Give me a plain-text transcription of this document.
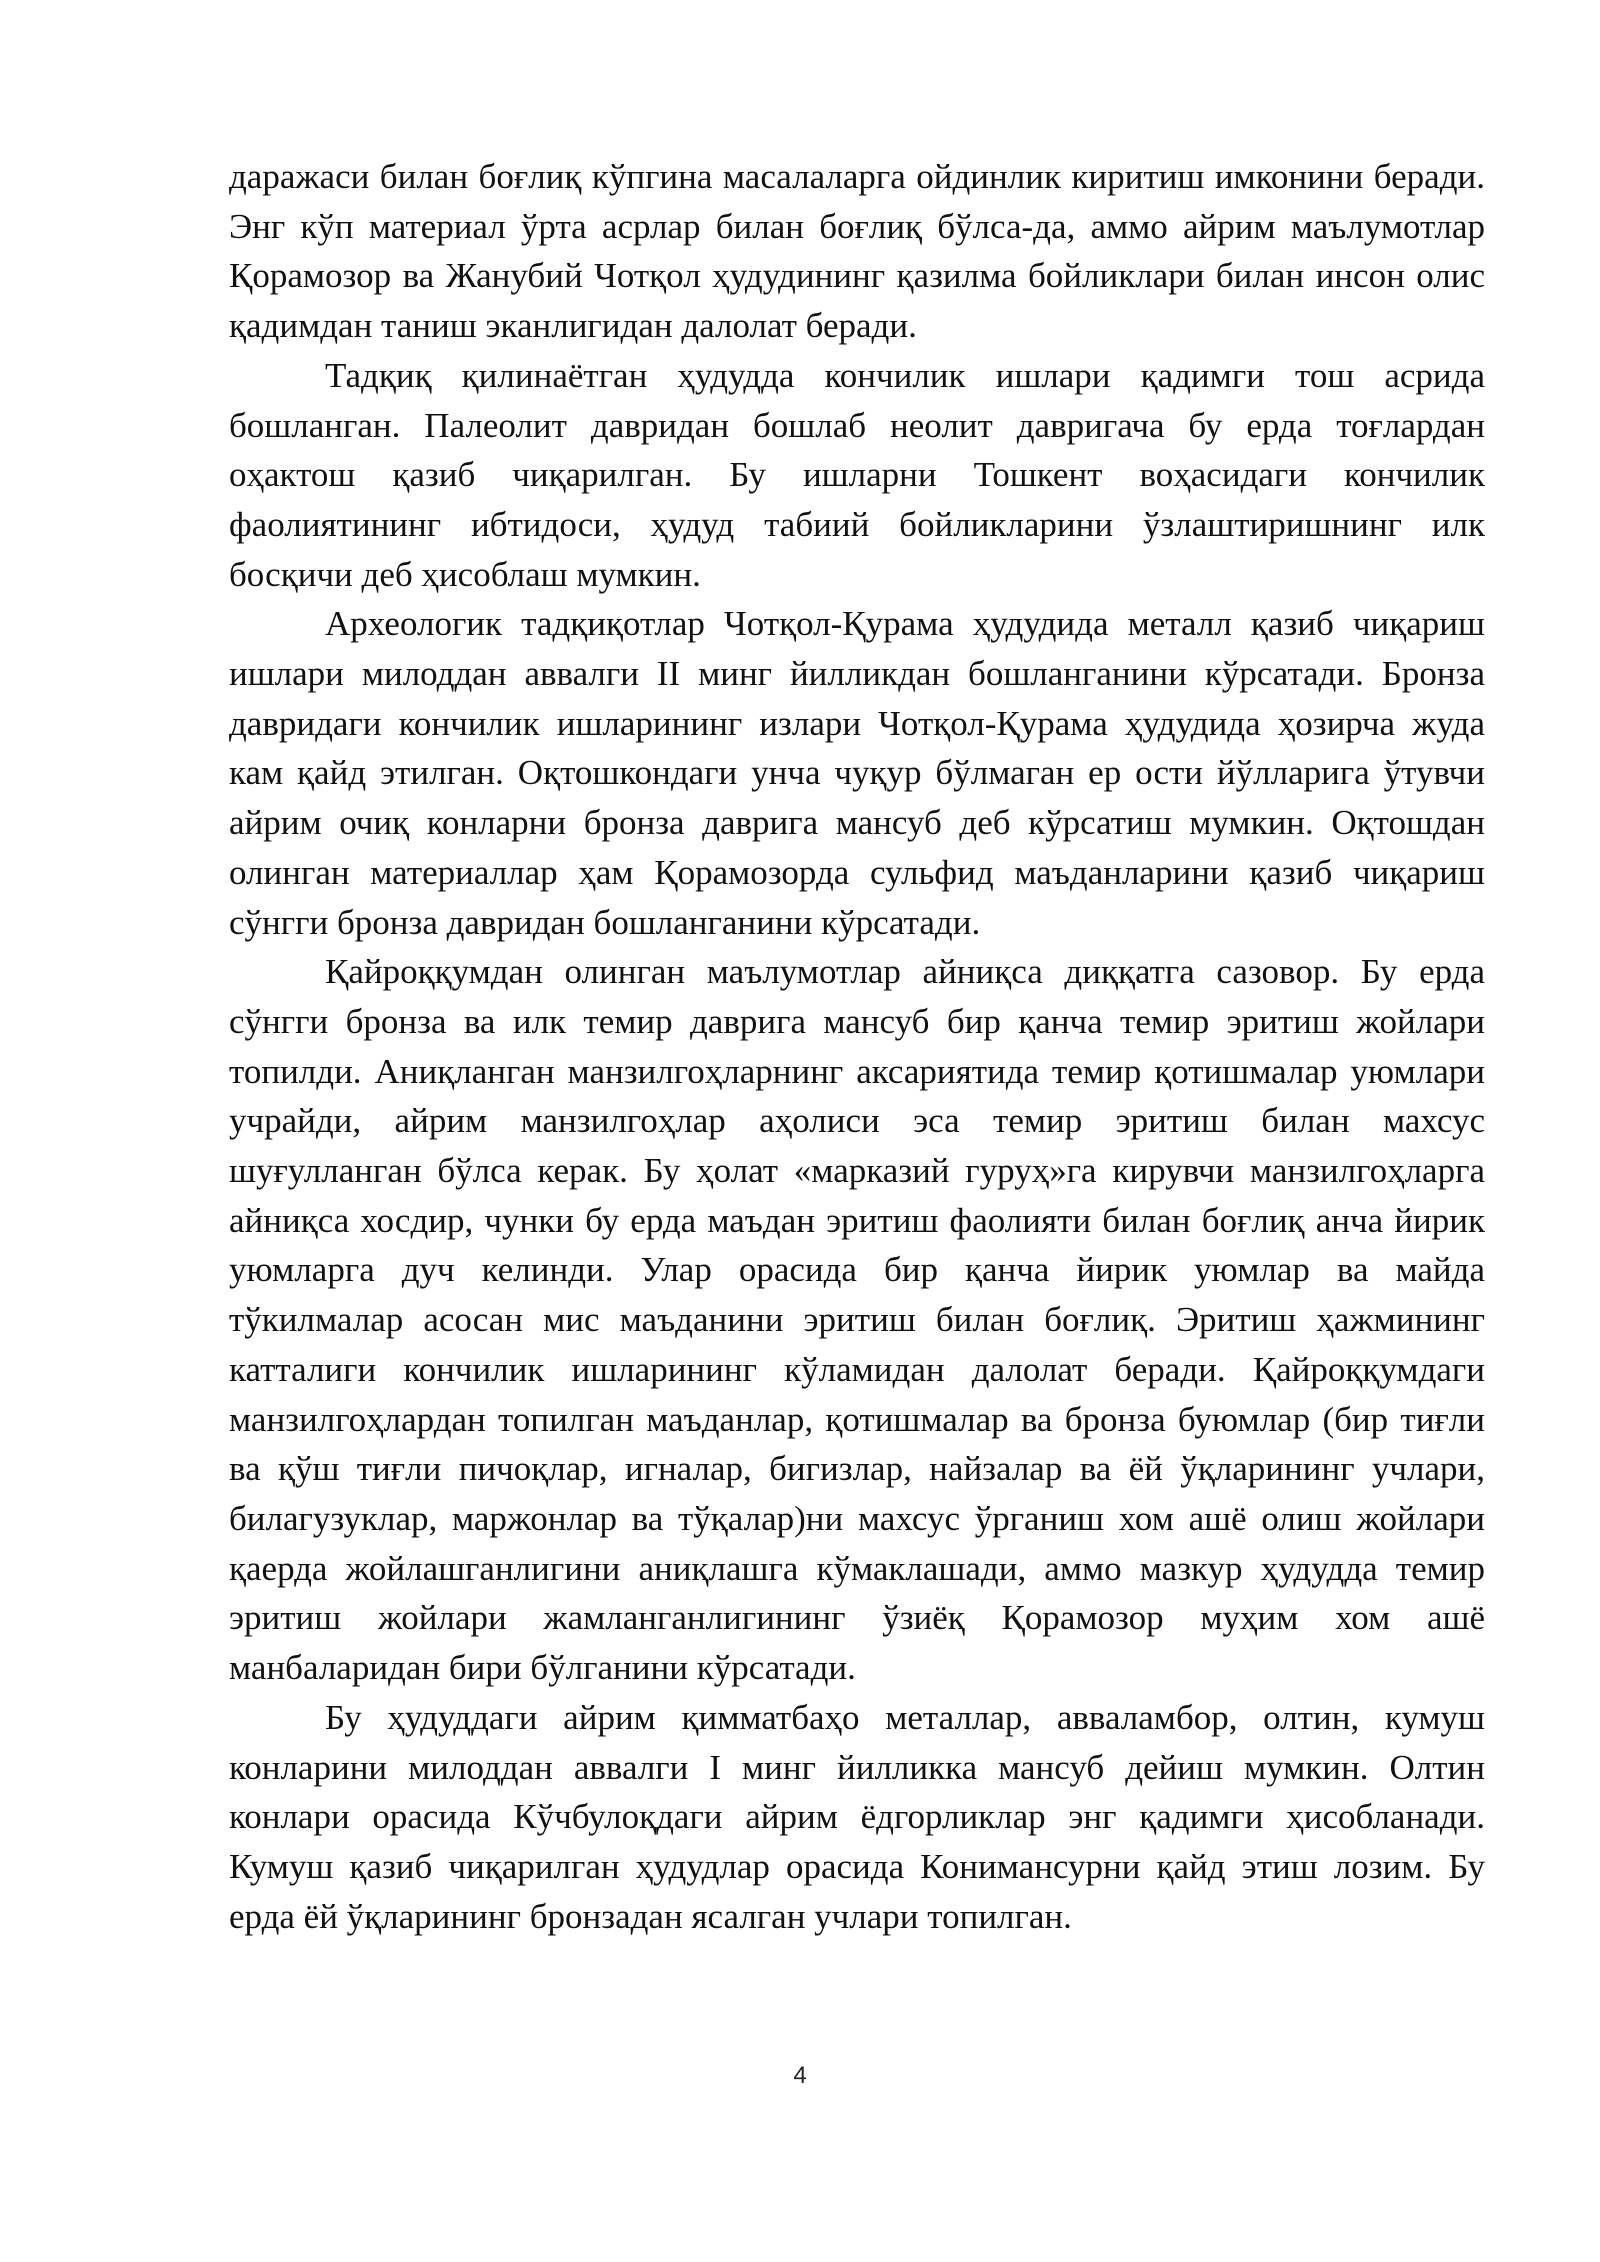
даражаси билан боғлиқ кўпгина масалаларга ойдинлик киритиш имконини беради. Энг кўп материал ўрта асрлар билан боғлиқ бўлса-да, аммо айрим маълумотлар Қорамозор ва Жанубий Чотқол ҳудудининг қазилма бойликлари билан инсон олис қадимдан таниш эканлигидан далолат беради.

Тадқиқ қилинаётган ҳудудда кончилик ишлари қадимги тош асрида бошланган. Палеолит давридан бошлаб неолит давригача бу ерда тоғлардан оҳактош қазиб чиқарилган. Бу ишларни Тошкент воҳасидаги кончилик фаолиятининг ибтидоси, ҳудуд табиий бойликларини ўзлаштиришнинг илк босқичи деб ҳисоблаш мумкин.

Археологик тадқиқотлар Чотқол-Қурама ҳудудида металл қазиб чиқариш ишлари милоддан аввалги II минг йилликдан бошланганини кўрсатади. Бронза давридаги кончилик ишларининг излари Чотқол-Қурама ҳудудида ҳозирча жуда кам қайд этилган. Оқтошкондаги унча чуқур бўлмаган ер ости йўлларига ўтувчи айрим очиқ конларни бронза даврига мансуб деб кўрсатиш мумкин. Оқтошдан олинган материаллар ҳам Қорамозорда сульфид маъданларини қазиб чиқариш сўнгги бронза давридан бошланганини кўрсатади.

Қайроққумдан олинган маълумотлар айниқса диққатга сазовор. Бу ерда сўнгги бронза ва илк темир даврига мансуб бир қанча темир эритиш жойлари топилди. Аниқланган манзилгоҳларнинг аксариятида темир қотишмалар уюмлари учрайди, айрим манзилгоҳлар аҳолиси эса темир эритиш билан махсус шуғулланган бўлса керак. Бу ҳолат «марказий гуруҳ»га кирувчи манзилгоҳларга айниқса хосдир, чунки бу ерда маъдан эритиш фаолияти билан боғлиқ анча йирик уюмларга дуч келинди. Улар орасида бир қанча йирик уюмлар ва майда тўкилмалар асосан мис маъданини эритиш билан боғлиқ. Эритиш ҳажмининг катталиги кончилик ишларининг кўламидан далолат беради. Қайроққумдаги манзилгоҳлардан топилган маъданлар, қотишмалар ва бронза буюмлар (бир тиғли ва қўш тиғли пичоқлар, игналар, бигизлар, найзалар ва ёй ўқларининг учлари, билагузуклар, маржонлар ва тўқалар)ни махсус ўрганиш хом ашё олиш жойлари қаерда жойлашганлигини аниқлашга кўмаклашади, аммо мазкур ҳудудда темир эритиш жойлари жамланганлигининг ўзиёқ Қорамозор муҳим хом ашё манбаларидан бири бўлганини кўрсатади.

Бу ҳудуддаги айрим қимматбаҳо металлар, авваламбор, олтин, кумуш конларини милоддан аввалги I минг йилликка мансуб дейиш мумкин. Олтин конлари орасида Кўчбулоқдаги айрим ёдгорликлар энг қадимги ҳисобланади. Кумуш қазиб чиқарилган ҳудудлар орасида Конимансурни қайд этиш лозим. Бу ерда ёй ўқларининг бронзадан ясалган учлари топилган.

4
